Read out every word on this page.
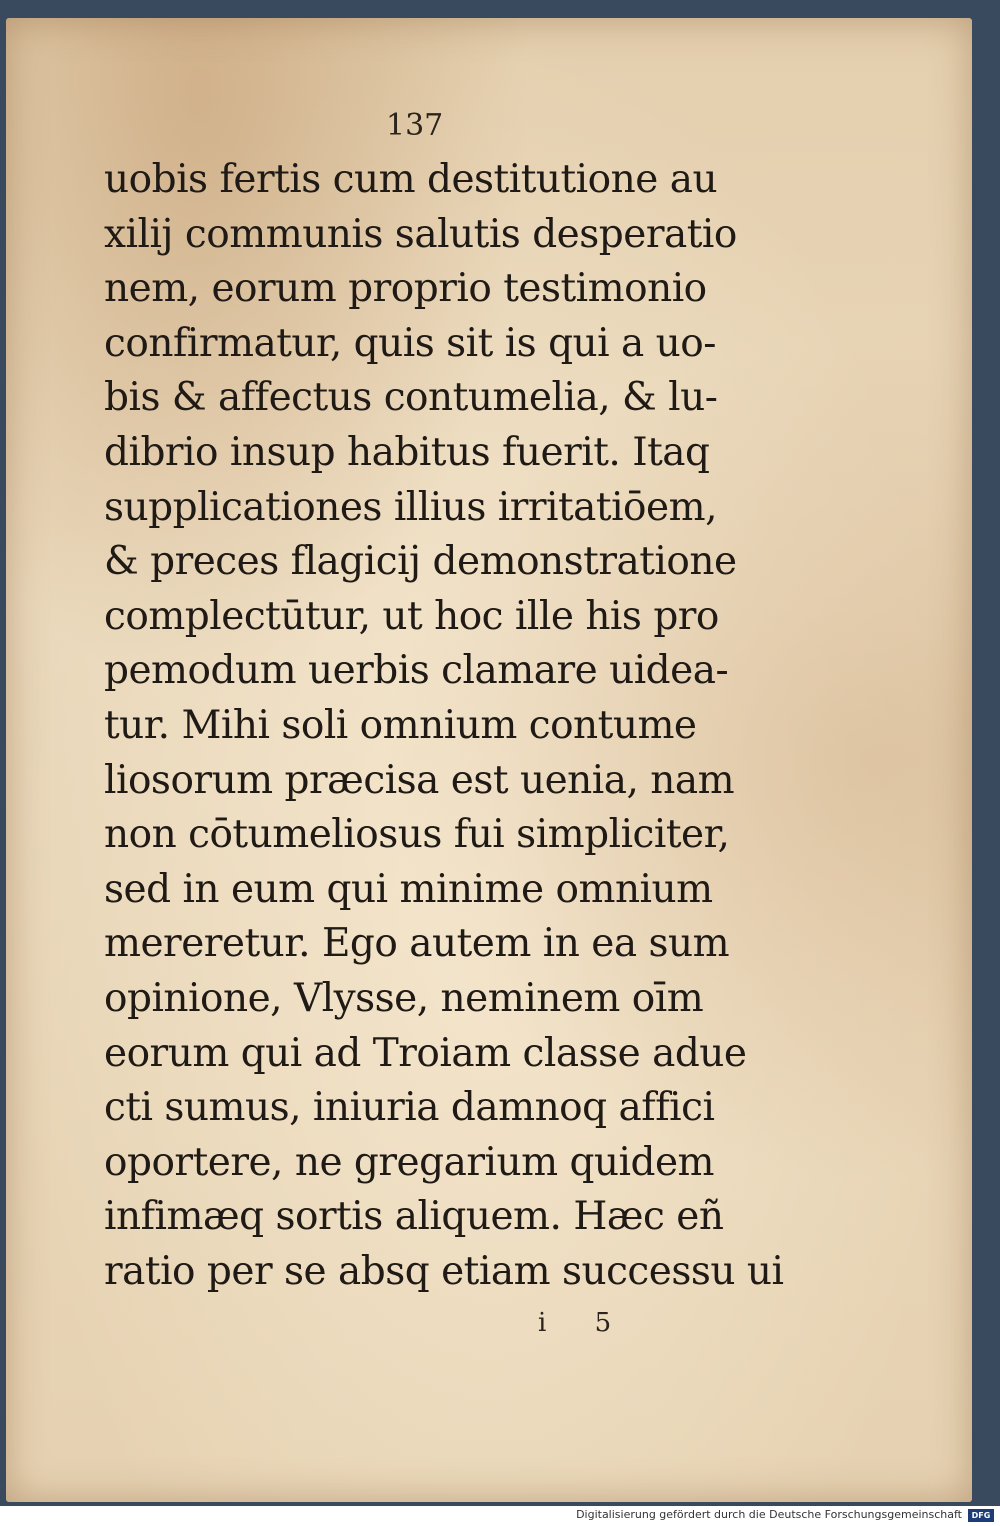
137
uobis fertis cum destitutione au
xilij communis salutis desperatio
nem, eorum proprio testimonio
confirmatur, quis sit is qui a uo-
bis & affectus contumelia, & lu-
dibrio insup habitus fuerit. Itaq
supplicationes illius irritatiōem,
& preces flagicij demonstratione
complectūtur, ut hoc ille his pro
pemodum uerbis clamare uidea-
tur. Mihi soli omnium contume
liosorum præcisa est uenia, nam
non cōtumeliosus fui simpliciter,
sed in eum qui minime omnium
mereretur. Ego autem in ea sum
opinione, Vlysse, neminem oīm
eorum qui ad Troiam classe adue
cti sumus, iniuria damnoq affici
oportere, ne gregarium quidem
infimæq sortis aliquem. Hæc eñ
ratio per se absq etiam successu ui
i 5
Digitalisierung gefördert durch die Deutsche Forschungsgemeinschaft	DFG
